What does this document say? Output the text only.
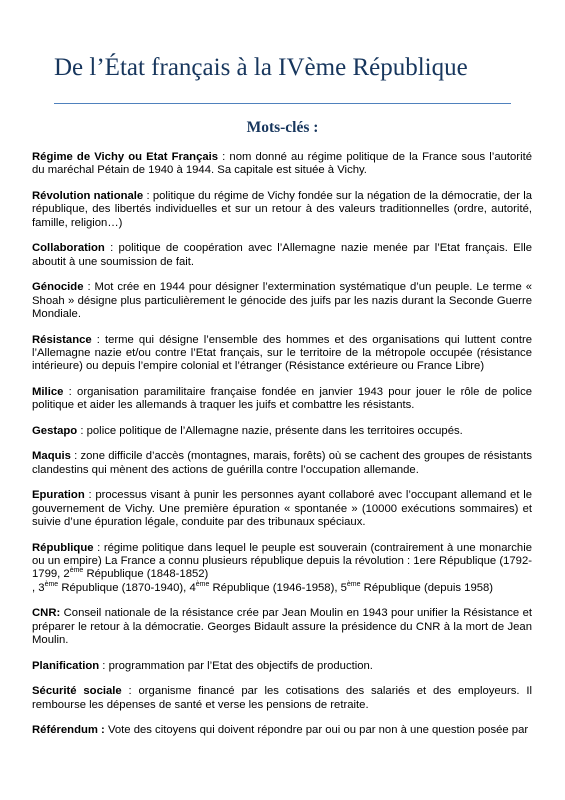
De l’État français à la IVème République
Mots-clés :

Régime de Vichy ou Etat Français : nom donné au régime politique de la France sous l’autorité du maréchal Pétain de 1940 à 1944. Sa capitale est située à Vichy.

Révolution nationale : politique du régime de Vichy fondée sur la négation de la démocratie, der la république, des libertés individuelles et sur un retour à des valeurs traditionnelles (ordre, autorité, famille, religion…)

Collaboration : politique de coopération avec l’Allemagne nazie menée par l’Etat français. Elle aboutit à une soumission de fait.

Génocide : Mot crée en 1944 pour désigner l’extermination systématique d’un peuple. Le terme « Shoah » désigne plus particulièrement le génocide des juifs par les nazis durant la Seconde Guerre Mondiale.

Résistance : terme qui désigne l’ensemble des hommes et des organisations qui luttent contre l’Allemagne nazie et/ou contre l’Etat français, sur le territoire de la métropole occupée (résistance intérieure) ou depuis l’empire colonial et l’étranger (Résistance extérieure ou France Libre)

Milice : organisation paramilitaire française fondée en janvier 1943 pour jouer le rôle de police politique et aider les allemands à traquer les juifs et combattre les résistants.

Gestapo : police politique de l’Allemagne nazie, présente dans les territoires occupés.

Maquis : zone difficile d’accès (montagnes, marais, forêts) où se cachent des groupes de résistants clandestins qui mènent des actions de guérilla contre l’occupation allemande.

Epuration : processus visant à punir les personnes ayant collaboré avec l’occupant allemand et le gouvernement de Vichy. Une première épuration « spontanée » (10000 exécutions sommaires) et suivie d’une épuration légale, conduite par des tribunaux spéciaux.

République : régime politique dans lequel le peuple est souverain (contrairement à une monarchie ou un empire) La France a connu plusieurs république depuis la révolution : 1ere République (1792-1799, 2ème République (1848-1852)
, 3ème République (1870-1940), 4ème République (1946-1958), 5ème République (depuis 1958)

CNR: Conseil nationale de la résistance crée par Jean Moulin en 1943 pour unifier la Résistance et préparer le retour à la démocratie. Georges Bidault assure la présidence du CNR à la mort de Jean Moulin.

Planification : programmation par l’Etat des objectifs de production.

Sécurité sociale : organisme financé par les cotisations des salariés et des employeurs. Il rembourse les dépenses de santé et verse les pensions de retraite.

Référendum : Vote des citoyens qui doivent répondre par oui ou par non à une question posée par
